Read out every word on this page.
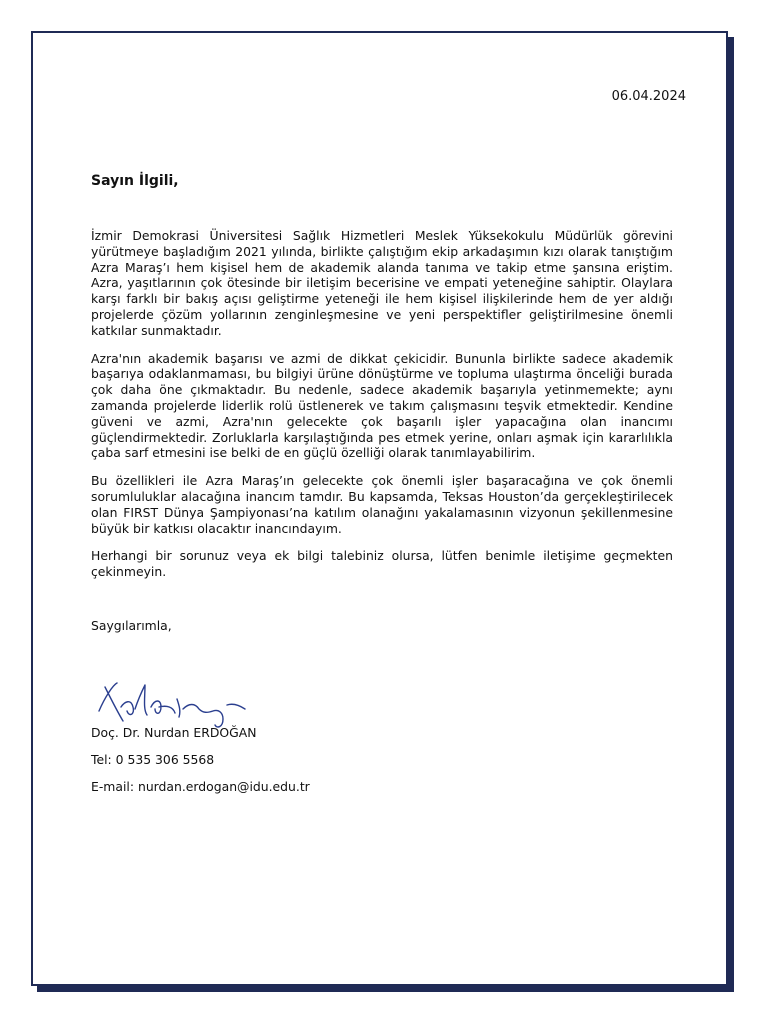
06.04.2024
Sayın İlgili,

İzmir Demokrasi Üniversitesi Sağlık Hizmetleri Meslek Yüksekokulu Müdürlük görevini yürütmeye başladığım 2021 yılında, birlikte çalıştığım ekip arkadaşımın kızı olarak tanıştığım Azra Maraş’ı hem kişisel hem de akademik alanda tanıma ve takip etme şansına eriştim. Azra, yaşıtlarının çok ötesinde bir iletişim becerisine ve empati yeteneğine sahiptir. Olaylara karşı farklı bir bakış açısı geliştirme yeteneği ile hem kişisel ilişkilerinde hem de yer aldığı projelerde çözüm yollarının zenginleşmesine ve yeni perspektifler geliştirilmesine önemli katkılar sunmaktadır.

Azra'nın akademik başarısı ve azmi de dikkat çekicidir. Bununla birlikte sadece akademik başarıya odaklanmaması, bu bilgiyi ürüne dönüştürme ve topluma ulaştırma önceliği burada çok daha öne çıkmaktadır. Bu nedenle, sadece akademik başarıyla yetinmemekte; aynı zamanda projelerde liderlik rolü üstlenerek ve takım çalışmasını teşvik etmektedir. Kendine güveni ve azmi, Azra'nın gelecekte çok başarılı işler yapacağına olan inancımı güçlendirmektedir. Zorluklarla karşılaştığında pes etmek yerine, onları aşmak için kararlılıkla çaba sarf etmesini ise belki de en güçlü özelliği olarak tanımlayabilirim.

Bu özellikleri ile Azra Maraş’ın gelecekte çok önemli işler başaracağına ve çok önemli sorumluluklar alacağına inancım tamdır. Bu kapsamda, Teksas Houston’da gerçekleştirilecek olan FIRST Dünya Şampiyonası’na katılım olanağını yakalamasının vizyonun şekillenmesine büyük bir katkısı olacaktır inancındayım.

Herhangi bir sorunuz veya ek bilgi talebiniz olursa, lütfen benimle iletişime geçmekten çekinmeyin.

Saygılarımla,
Doç. Dr. Nurdan ERDOĞAN
Tel: 0 535 306 5568
E-mail: nurdan.erdogan@idu.edu.tr
